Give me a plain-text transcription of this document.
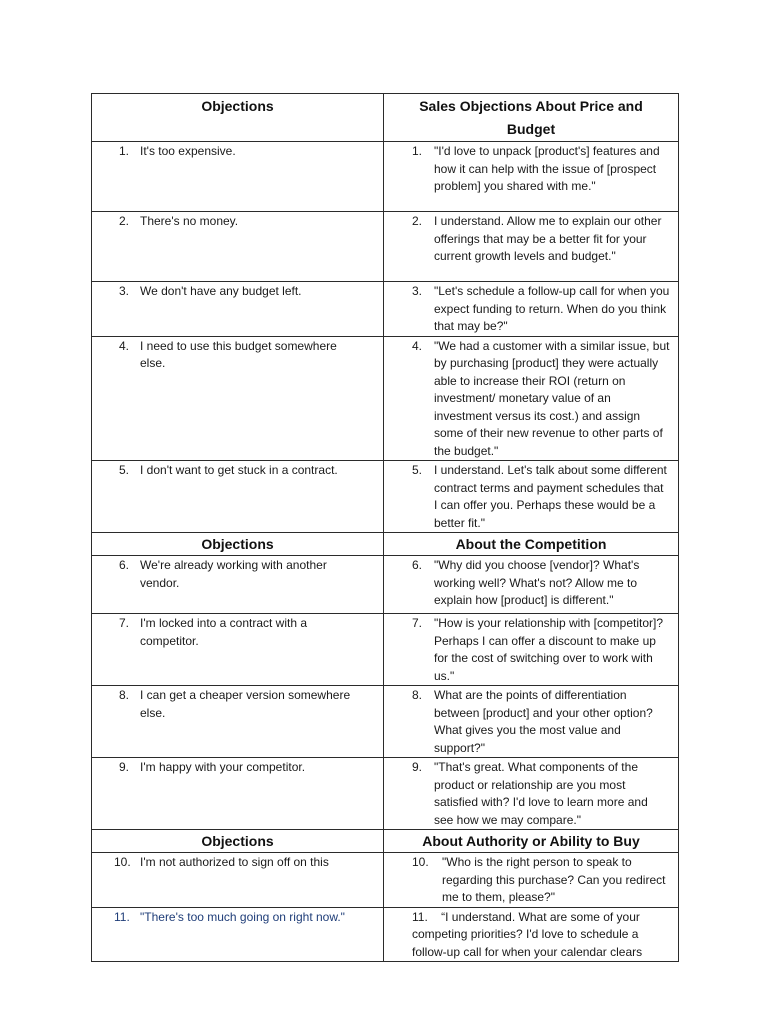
Objections	Sales Objections About Price and Budget

1. It's too expensive.	1. "I'd love to unpack [product's] features and how it can help with the issue of [prospect problem] you shared with me."

2. There's no money.	2. I understand. Allow me to explain our other offerings that may be a better fit for your current growth levels and budget."

3. We don't have any budget left.	3. "Let's schedule a follow-up call for when you expect funding to return. When do you think that may be?"

4. I need to use this budget somewhere else.	4. "We had a customer with a similar issue, but by purchasing [product] they were actually able to increase their ROI (return on investment/ monetary value of an investment versus its cost.) and assign some of their new revenue to other parts of the budget."

5. I don't want to get stuck in a contract.	5. I understand. Let's talk about some different contract terms and payment schedules that I can offer you. Perhaps these would be a better fit."

Objections	About the Competition

6. We're already working with another vendor.	6. "Why did you choose [vendor]? What's working well? What's not? Allow me to explain how [product] is different."

7. I'm locked into a contract with a competitor.	7. "How is your relationship with [competitor]? Perhaps I can offer a discount to make up for the cost of switching over to work with us."

8. I can get a cheaper version somewhere else.	8. What are the points of differentiation between [product] and your other option? What gives you the most value and support?"

9. I'm happy with your competitor.	9. "That's great. What components of the product or relationship are you most satisfied with? I'd love to learn more and see how we may compare."

Objections	About Authority or Ability to Buy

10. I'm not authorized to sign off on this	10. "Who is the right person to speak to regarding this purchase? Can you redirect me to them, please?"

11. "There's too much going on right now."	11. “I understand. What are some of your competing priorities? I'd love to schedule a follow-up call for when your calendar clears
